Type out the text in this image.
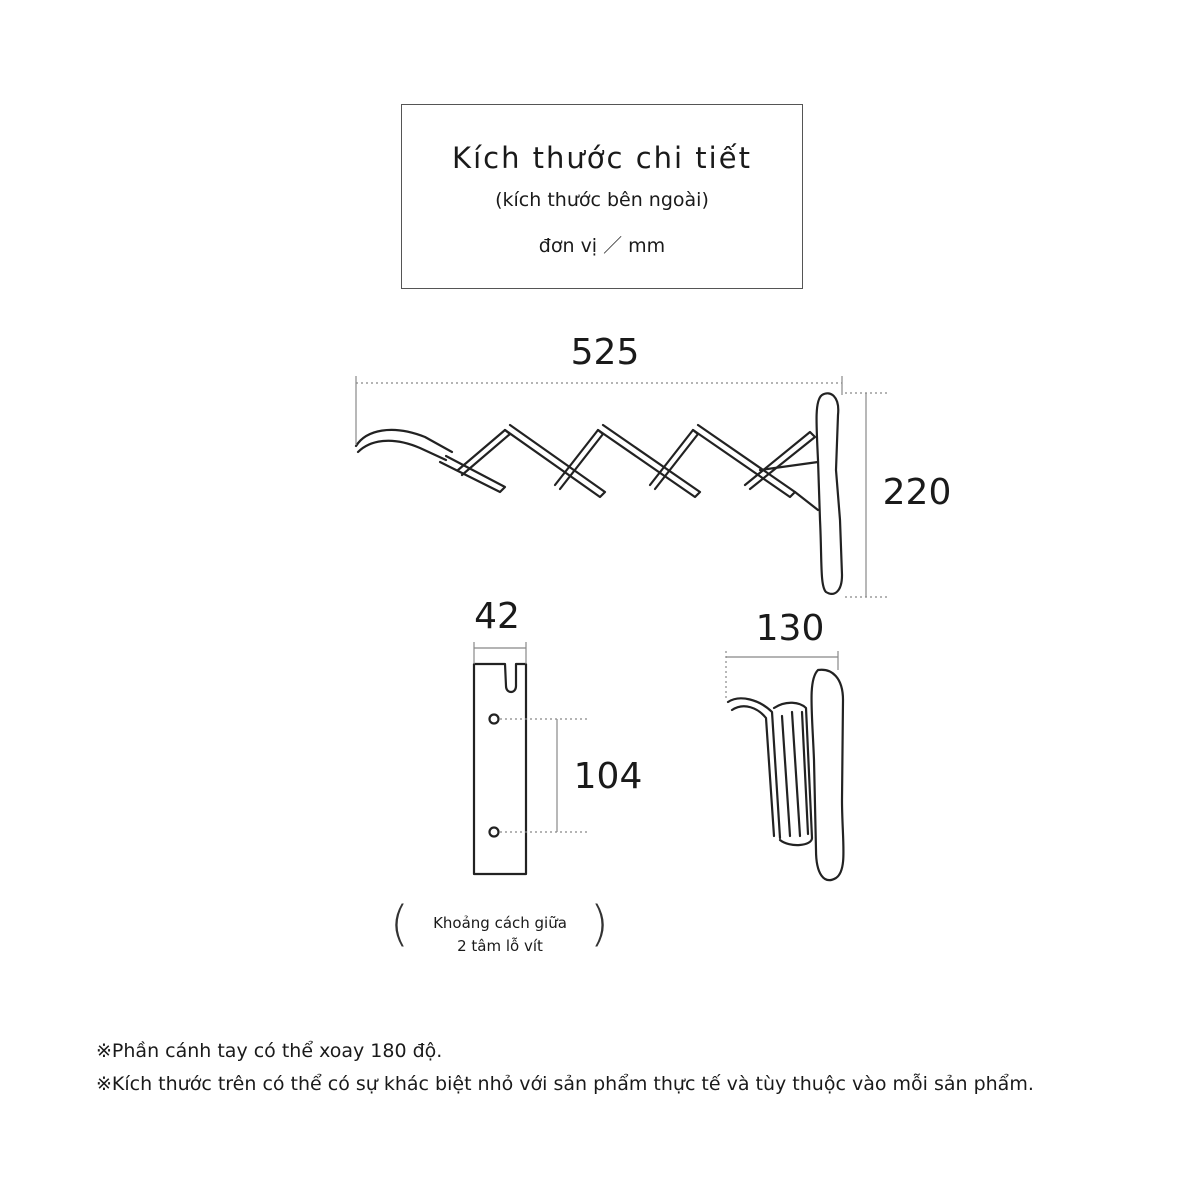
Kích thước chi tiết
(kích thước bên ngoài)
đơn vị ／ mm
525
220
42	130
104
(	Khoảng cách giữa
2 tâm lỗ vít )
※Phần cánh tay có thể xoay 180 độ.
※Kích thước trên có thể có sự khác biệt nhỏ với sản phẩm thực tế và tùy thuộc vào mỗi sản phẩm.
